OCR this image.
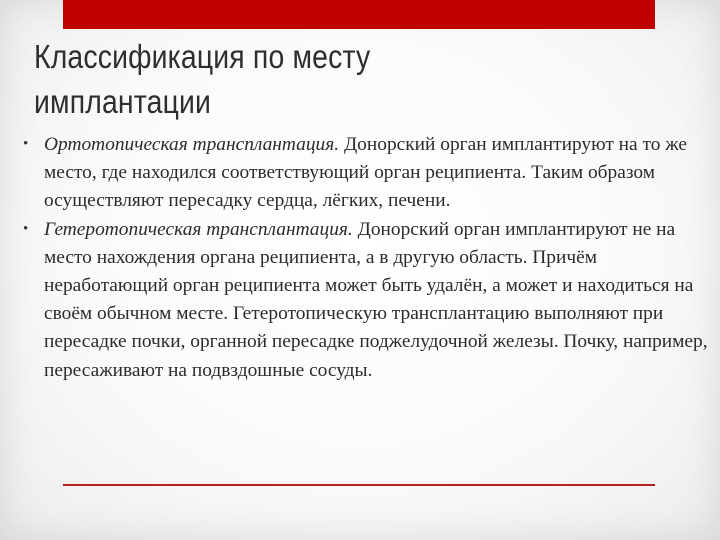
Классификация по месту
имплантации
• Ортотопическая трансплантация. Донорский орган имплантируют на то же место, где находился соответствующий орган реципиента. Таким образом осуществляют пересадку сердца, лёгких, печени.
• Гетеротопическая трансплантация. Донорский орган имплантируют не на место нахождения органа реципиента, а в другую область. Причём неработающий орган реципиента может быть удалён, а может и находиться на своём обычном месте. Гетеротопическую трансплантацию выполняют при пересадке почки, органной пересадке поджелудочной железы. Почку, например, пересаживают на подвздошные сосуды.
